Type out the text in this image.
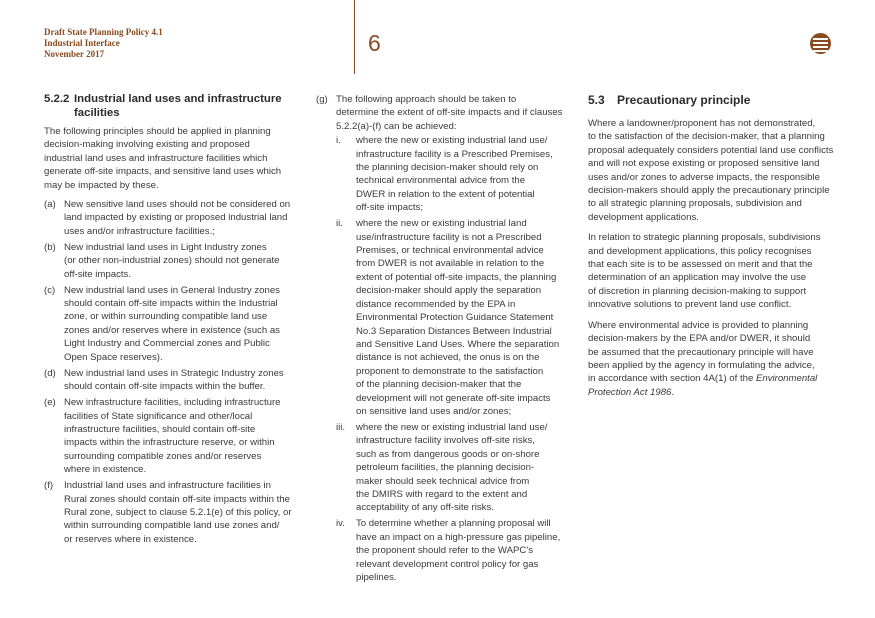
Draft State Planning Policy 4.1
Industrial Interface
November 2017	6
5.2.2 Industrial land uses and infrastructure
facilities

The following principles should be applied in planning
decision-making involving existing and proposed
industrial land uses and infrastructure facilities which
generate off-site impacts, and sensitive land uses which
may be impacted by these.

(a) New sensitive land uses should not be considered on
land impacted by existing or proposed industrial land
uses and/or infrastructure facilities.;
(b) New industrial land uses in Light Industry zones
(or other non-industrial zones) should not generate
off-site impacts.
(c) New industrial land uses in General Industry zones
should contain off-site impacts within the Industrial
zone, or within surrounding compatible land use
zones and/or reserves where in existence (such as
Light Industry and Commercial zones and Public
Open Space reserves).
(d) New industrial land uses in Strategic Industry zones
should contain off-site impacts within the buffer.
(e) New infrastructure facilities, including infrastructure
facilities of State significance and other/local
infrastructure facilities, should contain off-site
impacts within the infrastructure reserve, or within
surrounding compatible zones and/or reserves
where in existence.
(f)	Industrial land uses and infrastructure facilities in
Rural zones should contain off-site impacts within the
Rural zone, subject to clause 5.2.1(e) of this policy, or
within surrounding compatible land use zones and/
or reserves where in existence.
(g) The following approach should be taken to
determine the extent of off-site impacts and if clauses
5.2.2(a)-(f) can be achieved:
i.	where the new or existing industrial land use/
infrastructure facility is a Prescribed Premises,
the planning decision-maker should rely on
technical environmental advice from the
DWER in relation to the extent of potential
off-site impacts;
ii.	where the new or existing industrial land
use/infrastructure facility is not a Prescribed
Premises, or technical environmental advice
from DWER is not available in relation to the
extent of potential off-site impacts, the planning
decision-maker should apply the separation
distance recommended by the EPA in
Environmental Protection Guidance Statement
No.3 Separation Distances Between Industrial
and Sensitive Land Uses. Where the separation
distance is not achieved, the onus is on the
proponent to demonstrate to the satisfaction
of the planning decision-maker that the
development will not generate off-site impacts
on sensitive land uses and/or zones;
iii.	where the new or existing industrial land use/
infrastructure facility involves off-site risks,
such as from dangerous goods or on-shore
petroleum facilities, the planning decision-
maker should seek technical advice from
the DMIRS with regard to the extent and
acceptability of any off-site risks.
iv.	To determine whether a planning proposal will
have an impact on a high-pressure gas pipeline,
the proponent should refer to the WAPC’s
relevant development control policy for gas
pipelines.
5.3	Precautionary principle

Where a landowner/proponent has not demonstrated,
to the satisfaction of the decision-maker, that a planning
proposal adequately considers potential land use conflicts
and will not expose existing or proposed sensitive land
uses and/or zones to adverse impacts, the responsible
decision-makers should apply the precautionary principle
to all strategic planning proposals, subdivision and
development applications.

In relation to strategic planning proposals, subdivisions
and development applications, this policy recognises
that each site is to be assessed on merit and that the
determination of an application may involve the use
of discretion in planning decision-making to support
innovative solutions to prevent land use conflict.

Where environmental advice is provided to planning
decision-makers by the EPA and/or DWER, it should
be assumed that the precautionary principle will have
been applied by the agency in formulating the advice,
in accordance with section 4A(1) of the Environmental
Protection Act 1986.
